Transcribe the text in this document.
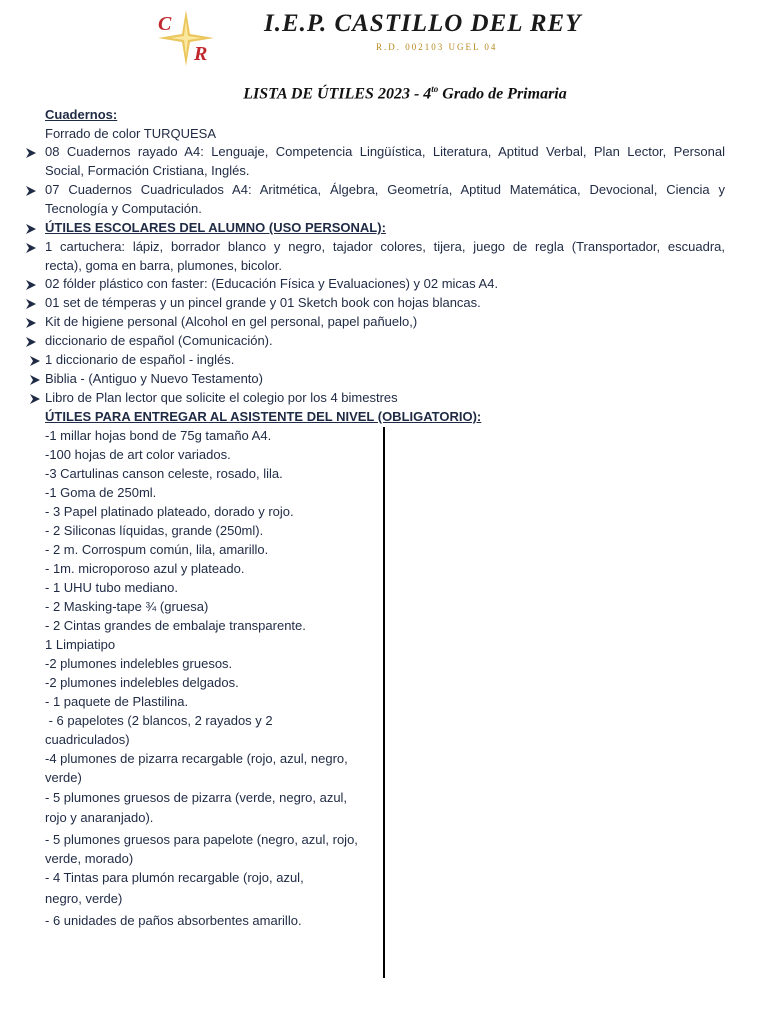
C
R
I.E.P. CASTILLO DEL REY
R.D. 002103 UGEL 04
LISTA DE ÚTILES $2023 - 4^{to}$ Grado de Primaria
Cuadernos:
Forrado de color TURQUESA
08 Cuadernos rayado A4: Lenguaje, Competencia Lingüística, Literatura, Aptitud Verbal, Plan Lector, Personal
Social, Formación Cristiana, Inglés.
07 Cuadernos Cuadriculados A4: Aritmética, Álgebra, Geometría, Aptitud Matemática, Devocional, Ciencia y
Tecnología y Computación.
ÚTILES ESCOLARES DEL ALUMNO (USO PERSONAL):
1 cartuchera: lápiz, borrador blanco y negro, tajador colores, tijera, juego de regla (Transportador, escuadra,
recta), goma en barra, plumones, bicolor.
02 fólder plástico con faster: (Educación Física y Evaluaciones) y 02 micas A4.
01 set de témperas y un pincel grande y 01 Sketch book con hojas blancas.
Kit de higiene personal (Alcohol en gel personal, papel pañuelo,)
diccionario de español (Comunicación).
1 diccionario de español - inglés.
Biblia - (Antiguo y Nuevo Testamento)
Libro de Plan lector que solicite el colegio por los 4 bimestres
ÚTILES PARA ENTREGAR AL ASISTENTE DEL NIVEL (OBLIGATORIO):
-1 millar hojas bond de 75g tamaño A4.
-100 hojas de art color variados.
-3 Cartulinas canson celeste, rosado, lila.
-1 Goma de 250ml.
- 3 Papel platinado plateado, dorado y rojo.
- 2 Siliconas líquidas, grande (250ml).
- 2 m. Corrospum común, lila, amarillo.
- 1m. microporoso azul y plateado.
- 1 UHU tubo mediano.
- 2 Masking-tape ¾ (gruesa)
- 2 Cintas grandes de embalaje transparente.
1 Limpiatipo
-2 plumones indelebles gruesos.
-2 plumones indelebles delgados.
- 1 paquete de Plastilina.
- 6 papelotes (2 blancos, 2 rayados y 2
cuadriculados)
-4 plumones de pizarra recargable (rojo, azul, negro,
verde)
- 5 plumones gruesos de pizarra (verde, negro, azul,
rojo y anaranjado).
- 5 plumones gruesos para papelote (negro, azul, rojo,
verde, morado)
- 4 Tintas para plumón recargable (rojo, azul,
negro, verde)
- 6 unidades de paños absorbentes amarillo.
